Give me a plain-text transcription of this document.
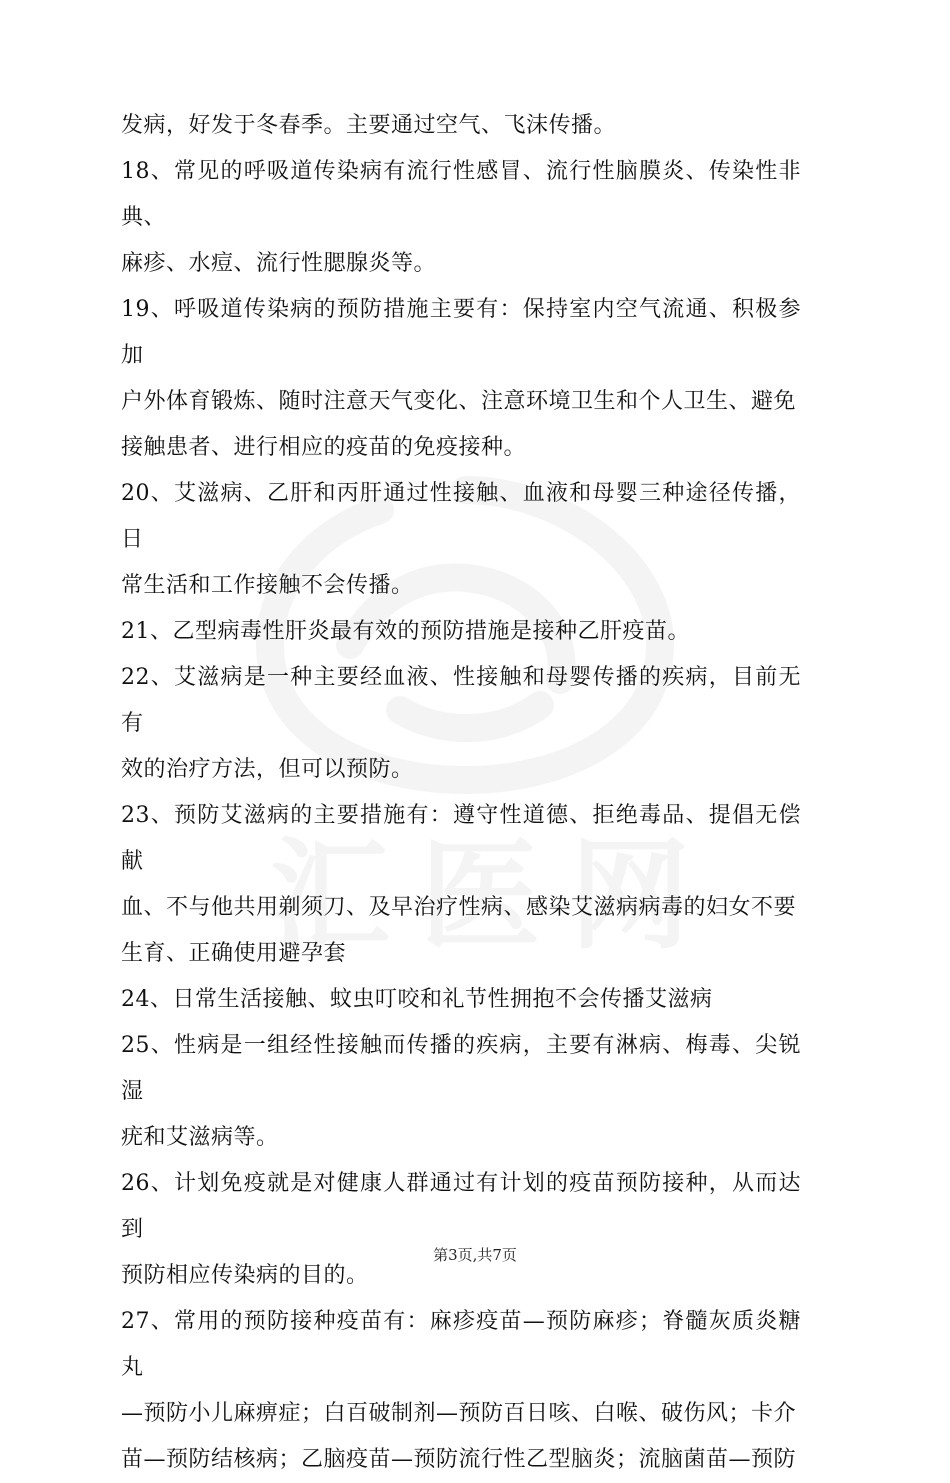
发病，好发于冬春季。主要通过空气、飞沫传播。

18、常见的呼吸道传染病有流行性感冒、流行性脑膜炎、传染性非典、
麻疹、水痘、流行性腮腺炎等。

19、呼吸道传染病的预防措施主要有：保持室内空气流通、积极参加
户外体育锻炼、随时注意天气变化、注意环境卫生和个人卫生、避免
接触患者、进行相应的疫苗的免疫接种。

20、艾滋病、乙肝和丙肝通过性接触、血液和母婴三种途径传播，日
常生活和工作接触不会传播。

21、乙型病毒性肝炎最有效的预防措施是接种乙肝疫苗。

22、艾滋病是一种主要经血液、性接触和母婴传播的疾病，目前无有
效的治疗方法，但可以预防。

23、预防艾滋病的主要措施有：遵守性道德、拒绝毒品、提倡无偿献
血、不与他共用剃须刀、及早治疗性病、感染艾滋病病毒的妇女不要
生育、正确使用避孕套

24、日常生活接触、蚊虫叮咬和礼节性拥抱不会传播艾滋病

25、性病是一组经性接触而传播的疾病，主要有淋病、梅毒、尖锐湿
疣和艾滋病等。

26、计划免疫就是对健康人群通过有计划的疫苗预防接种，从而达到
预防相应传染病的目的。

27、常用的预防接种疫苗有：麻疹疫苗—预防麻疹；脊髓灰质炎糖丸
—预防小儿麻痹症；白百破制剂—预防百日咳、白喉、破伤风；卡介
苗—预防结核病；乙脑疫苗—预防流行性乙型脑炎；流脑菌苗—预防

第3页,共7页
